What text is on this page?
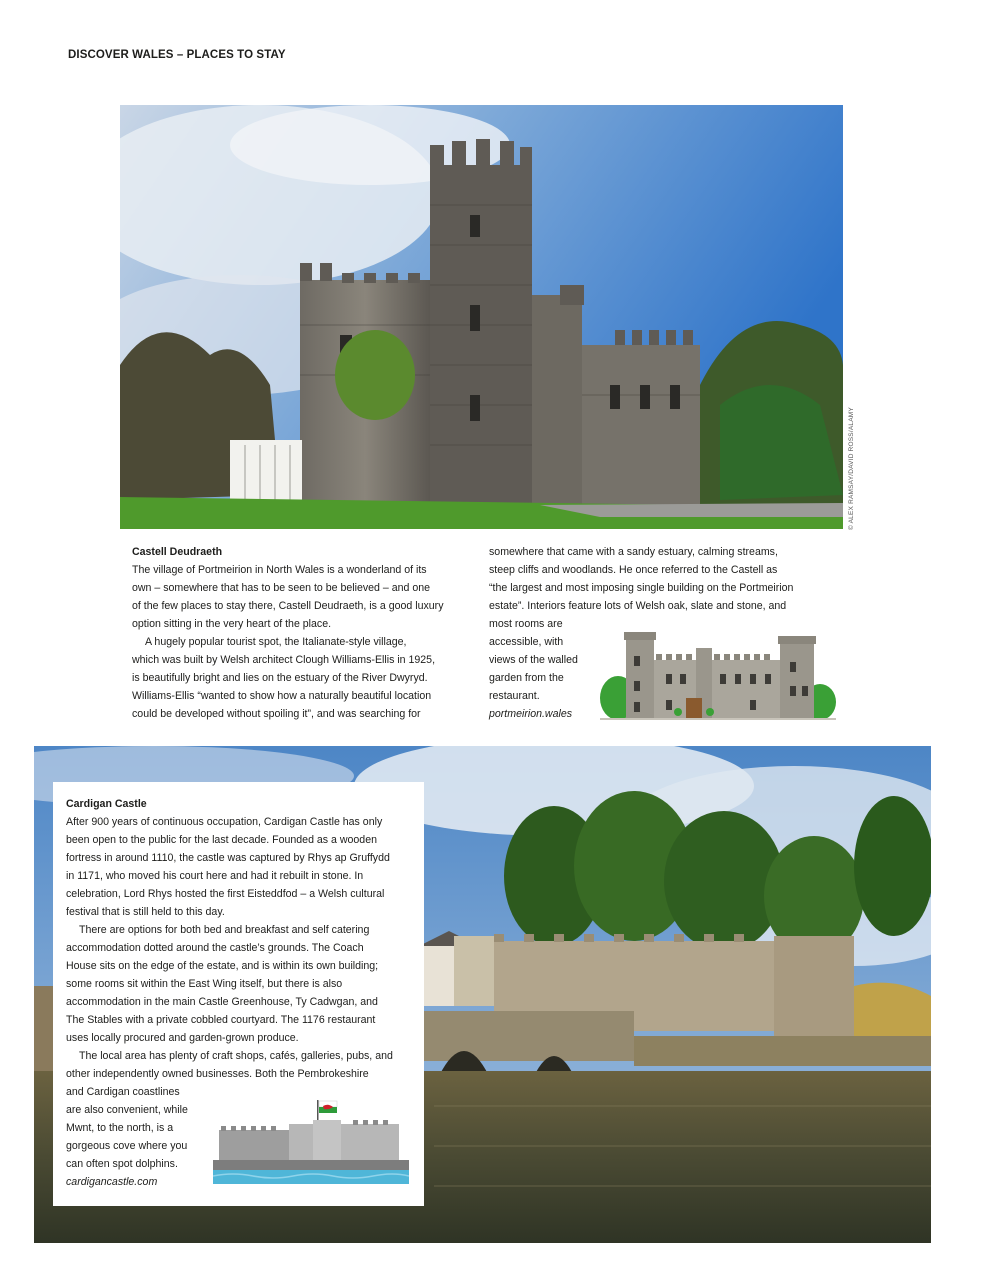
DISCOVER WALES – PLACES TO STAY
© ALEX RAMSAY/DAVID ROSS/ALAMY
Castell Deudraeth
The village of Portmeirion in North Wales is a wonderland of its
own – somewhere that has to be seen to be believed – and one
of the few places to stay there, Castell Deudraeth, is a good luxury
option sitting in the very heart of the place.
A hugely popular tourist spot, the Italianate-style village,
which was built by Welsh architect Clough Williams-Ellis in 1925,
is beautifully bright and lies on the estuary of the River Dwyryd.
Williams-Ellis “wanted to show how a naturally beautiful location
could be developed without spoiling it”, and was searching for
somewhere that came with a sandy estuary, calming streams,
steep cliffs and woodlands. He once referred to the Castell as
“the largest and most imposing single building on the Portmeirion
estate”. Interiors feature lots of Welsh oak, slate and stone, and
most rooms are
accessible, with
views of the walled
garden from the
restaurant.
portmeirion.wales
Cardigan Castle
After 900 years of continuous occupation, Cardigan Castle has only
been open to the public for the last decade. Founded as a wooden
fortress in around 1110, the castle was captured by Rhys ap Gruffydd
in 1171, who moved his court here and had it rebuilt in stone. In
celebration, Lord Rhys hosted the first Eisteddfod – a Welsh cultural
festival that is still held to this day.
There are options for both bed and breakfast and self catering
accommodation dotted around the castle’s grounds. The Coach
House sits on the edge of the estate, and is within its own building;
some rooms sit within the East Wing itself, but there is also
accommodation in the main Castle Greenhouse, Ty Cadwgan, and
The Stables with a private cobbled courtyard. The 1176 restaurant
uses locally procured and garden-grown produce.
The local area has plenty of craft shops, cafés, galleries, pubs, and
other independently owned businesses. Both the Pembrokeshire
and Cardigan coastlines
are also convenient, while
Mwnt, to the north, is a
gorgeous cove where you
can often spot dolphins.
cardigancastle.com
